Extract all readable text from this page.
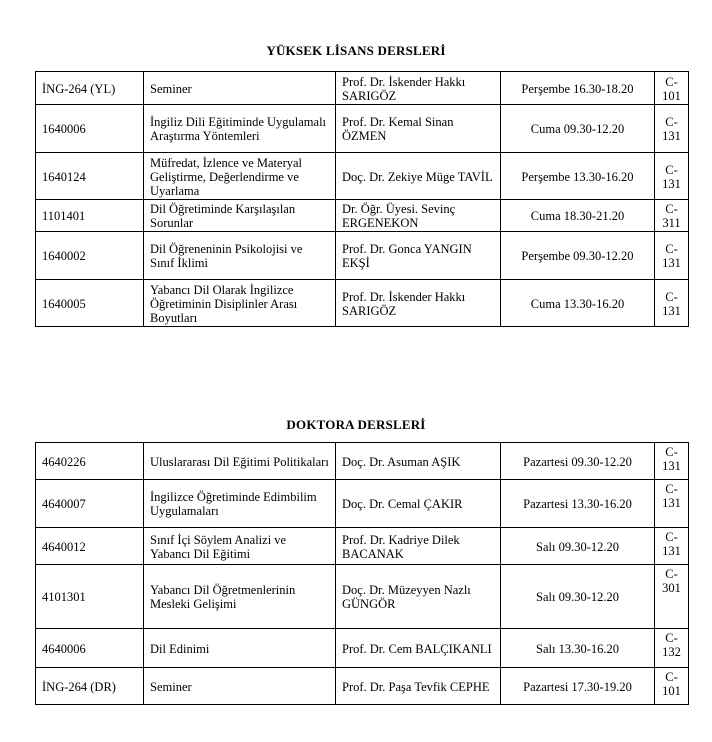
YÜKSEK LİSANS DERSLERİ
İNG-264 (YL)	Seminer	Prof. Dr. İskender Hakkı SARIGÖZ	Perşembe 16.30-18.20	C-101
1640006	İngiliz Dili Eğitiminde Uygulamalı Araştırma Yöntemleri	Prof. Dr. Kemal Sinan ÖZMEN	Cuma 09.30-12.20	C-131
1640124	Müfredat, İzlence ve Materyal Geliştirme, Değerlendirme ve Uyarlama	Doç. Dr. Zekiye Müge TAVİL	Perşembe 13.30-16.20	C-131
1101401	Dil Öğretiminde Karşılaşılan Sorunlar	Dr. Öğr. Üyesi. Sevinç ERGENEKON	Cuma 18.30-21.20	C-311
1640002	Dil Öğreneninin Psikolojisi ve Sınıf İklimi	Prof. Dr. Gonca YANGIN EKŞİ	Perşembe 09.30-12.20	C-131
1640005	Yabancı Dil Olarak İngilizce Öğretiminin Disiplinler Arası Boyutları	Prof. Dr. İskender Hakkı SARIGÖZ	Cuma 13.30-16.20	C-131
DOKTORA DERSLERİ
4640226	Uluslararası Dil Eğitimi Politikaları	Doç. Dr. Asuman AŞIK	Pazartesi 09.30-12.20	C-131
4640007	İngilizce Öğretiminde Edimbilim Uygulamaları	Doç. Dr. Cemal ÇAKIR	Pazartesi 13.30-16.20	C-131
4640012	Sınıf İçi Söylem Analizi ve Yabancı Dil Eğitimi	Prof. Dr. Kadriye Dilek BACANAK	Salı 09.30-12.20	C-131
4101301	Yabancı Dil Öğretmenlerinin Mesleki Gelişimi	Doç. Dr. Müzeyyen Nazlı GÜNGÖR	Salı 09.30-12.20	C-301
4640006	Dil Edinimi	Prof. Dr. Cem BALÇIKANLI	Salı 13.30-16.20	C-132
İNG-264 (DR)	Seminer	Prof. Dr. Paşa Tevfik CEPHE	Pazartesi 17.30-19.20	C-101
